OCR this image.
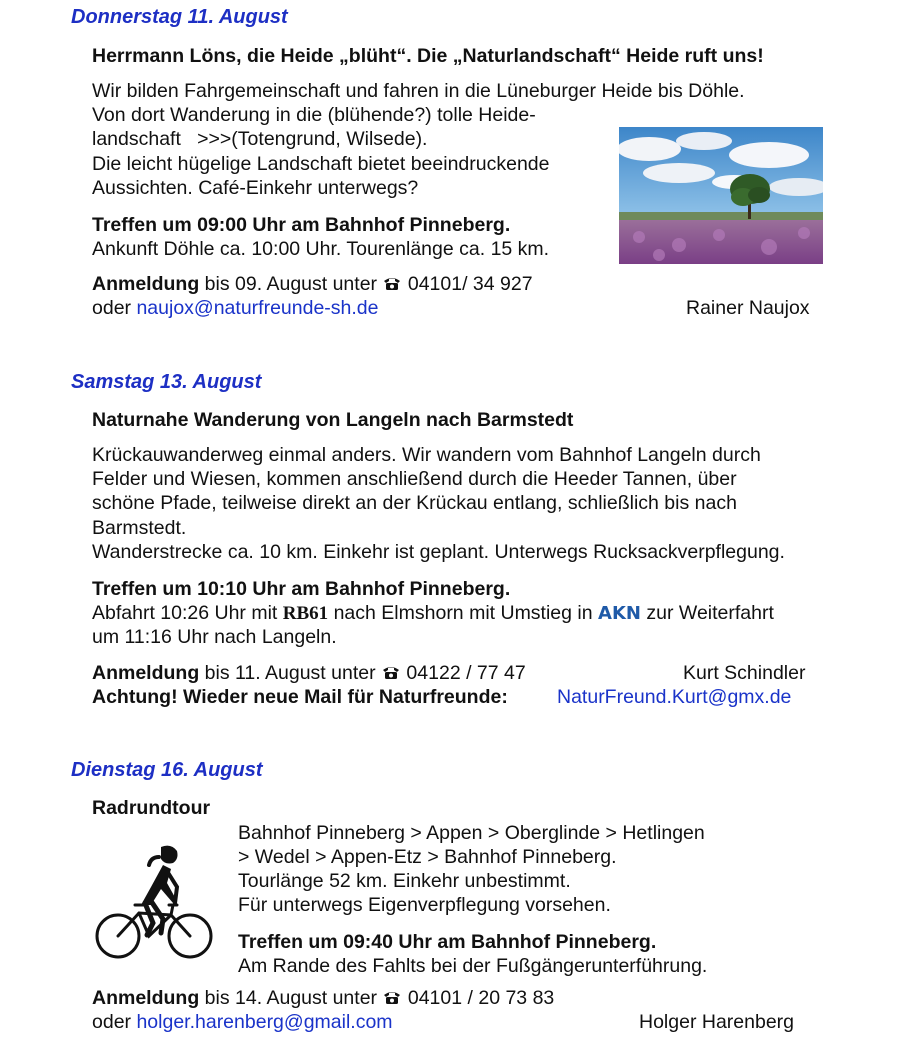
Donnerstag 11. August
Herrmann Löns, die Heide „blüht“. Die „Naturlandschaft“ Heide ruft uns!
Wir bilden Fahrgemeinschaft und fahren in die Lüneburger Heide bis Döhle.
Von dort Wanderung in die (blühende?) tolle Heide-
landschaft   >>>(Totengrund, Wilsede).
Die leicht hügelige Landschaft bietet beeindruckende
Aussichten. Café-Einkehr unterwegs?
Treffen um 09:00 Uhr am Bahnhof Pinneberg.
Ankunft Döhle ca. 10:00 Uhr. Tourenlänge ca. 15 km.
Anmeldung bis 09. August unter  04101/ 34 927
oder naujox@naturfreunde-sh.de	Rainer Naujox
Samstag 13. August
Naturnahe Wanderung von Langeln nach Barmstedt
Krückauwanderweg einmal anders. Wir wandern vom Bahnhof Langeln durch
Felder und Wiesen, kommen anschließend durch die Heeder Tannen, über
schöne Pfade, teilweise direkt an der Krückau entlang, schließlich bis nach
Barmstedt.
Wanderstrecke ca. 10 km. Einkehr ist geplant. Unterwegs Rucksackverpflegung.
Treffen um 10:10 Uhr am Bahnhof Pinneberg.
Abfahrt 10:26 Uhr mit RB61 nach Elmshorn mit Umstieg in AKN zur Weiterfahrt
um 11:16 Uhr nach Langeln.
Anmeldung bis 11. August unter  04122 / 77 47	Kurt Schindler
Achtung! Wieder neue Mail für Naturfreunde:	NaturFreund.Kurt@gmx.de
Dienstag 16. August
Radrundtour
Bahnhof Pinneberg > Appen > Oberglinde > Hetlingen
> Wedel > Appen-Etz > Bahnhof Pinneberg.
Tourlänge 52 km. Einkehr unbestimmt.
Für unterwegs Eigenverpflegung vorsehen.
Treffen um 09:40 Uhr am Bahnhof Pinneberg.
Am Rande des Fahlts bei der Fußgängerunterführung.
Anmeldung bis 14. August unter  04101 / 20 73 83
oder holger.harenberg@gmail.com	Holger Harenberg
